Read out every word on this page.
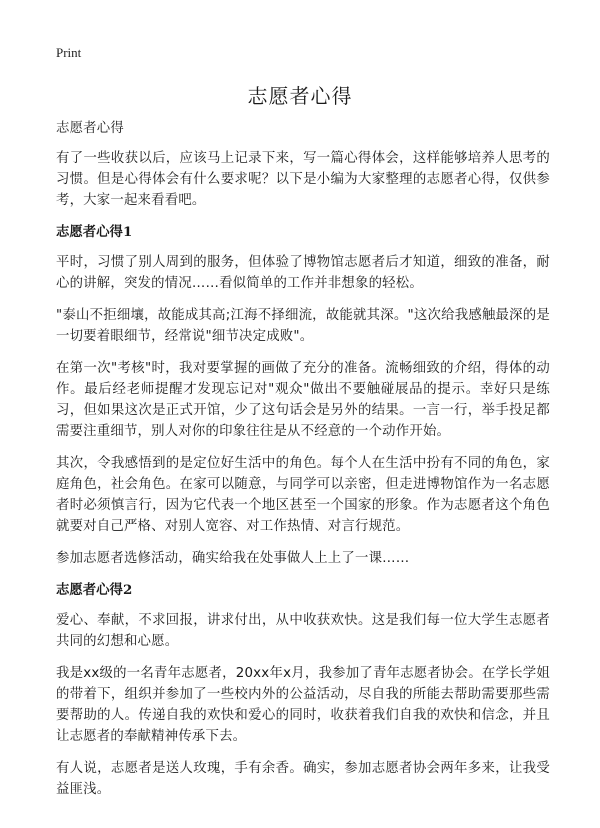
Print
志愿者心得

志愿者心得

有了一些收获以后，应该马上记录下来，写一篇心得体会，这样能够培养人思考的习惯。但是心得体会有什么要求呢？以下是小编为大家整理的志愿者心得，仅供参考，大家一起来看看吧。

志愿者心得1

平时，习惯了别人周到的服务，但体验了博物馆志愿者后才知道，细致的准备，耐心的讲解，突发的情况……看似简单的工作并非想象的轻松。

"泰山不拒细壤，故能成其高;江海不择细流，故能就其深。"这次给我感触最深的是一切要着眼细节，经常说"细节决定成败"。

在第一次"考核"时，我对要掌握的画做了充分的准备。流畅细致的介绍，得体的动作。最后经老师提醒才发现忘记对"观众"做出不要触碰展品的提示。幸好只是练习，但如果这次是正式开馆，少了这句话会是另外的结果。一言一行，举手投足都需要注重细节，别人对你的印象往往是从不经意的一个动作开始。

其次，令我感悟到的是定位好生活中的角色。每个人在生活中扮有不同的角色，家庭角色，社会角色。在家可以随意，与同学可以亲密，但走进博物馆作为一名志愿者时必须慎言行，因为它代表一个地区甚至一个国家的形象。作为志愿者这个角色就要对自己严格、对别人宽容、对工作热情、对言行规范。

参加志愿者选修活动，确实给我在处事做人上上了一课……

志愿者心得2

爱心、奉献，不求回报，讲求付出，从中收获欢快。这是我们每一位大学生志愿者共同的幻想和心愿。

我是xx级的一名青年志愿者，20xx年x月，我参加了青年志愿者协会。在学长学姐的带着下，组织并参加了一些校内外的公益活动，尽自我的所能去帮助需要那些需要帮助的人。传递自我的欢快和爱心的同时，收获着我们自我的欢快和信念，并且让志愿者的奉献精神传承下去。

有人说，志愿者是送人玫瑰，手有余香。确实，参加志愿者协会两年多来，让我受益匪浅。
